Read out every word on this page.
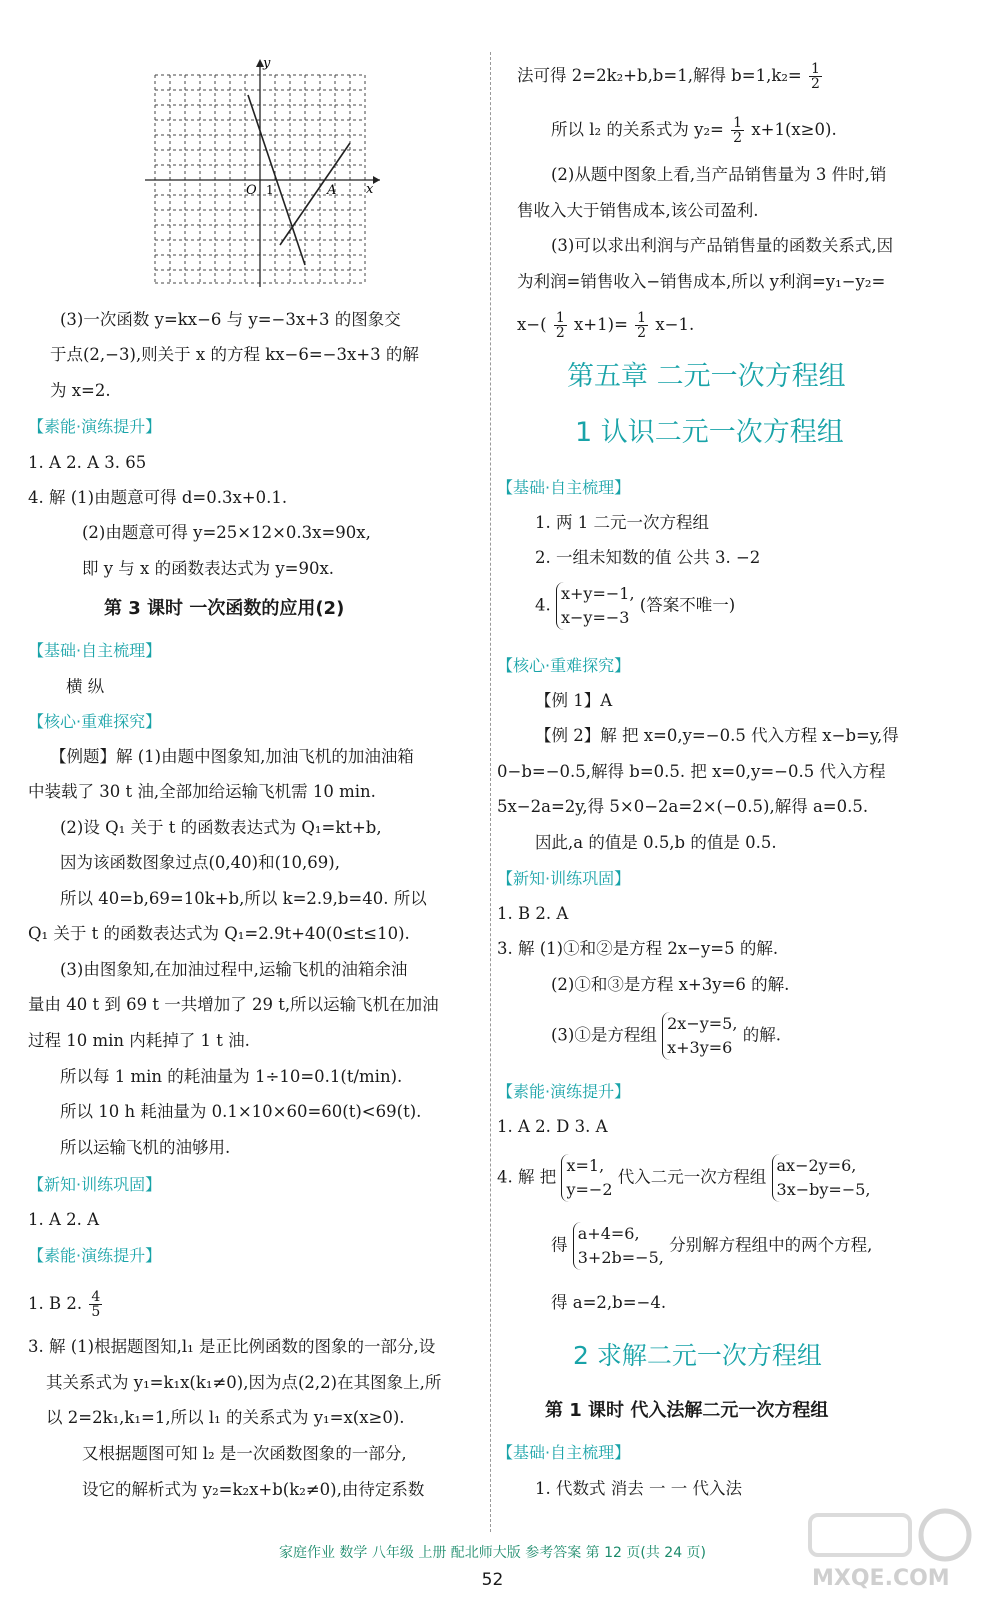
y
x
O 1	A
(3)一次函数 y=kx−6 与 y=−3x+3 的图象交
于点(2,−3),则关于 x 的方程 kx−6=−3x+3 的解
为 x=2.
【素能·演练提升】
1. A 2. A 3. 65
4. 解 (1)由题意可得 d=0.3x+0.1.
(2)由题意可得 y=25×12×0.3x=90x,
即 y 与 x 的函数表达式为 y=90x.
第 3 课时 一次函数的应用(2)
【基础·自主梳理】
横 纵
【核心·重难探究】
【例题】解 (1)由题中图象知,加油飞机的加油油箱
中装载了 30 t 油,全部加给运输飞机需 10 min.
(2)设 Q₁ 关于 t 的函数表达式为 Q₁=kt+b,
因为该函数图象过点(0,40)和(10,69),
所以 40=b,69=10k+b,所以 k=2.9,b=40. 所以
Q₁ 关于 t 的函数表达式为 Q₁=2.9t+40(0≤t≤10).
(3)由图象知,在加油过程中,运输飞机的油箱余油
量由 40 t 到 69 t 一共增加了 29 t,所以运输飞机在加油
过程 10 min 内耗掉了 1 t 油.
所以每 1 min 的耗油量为 1÷10=0.1(t/min).
所以 10 h 耗油量为 0.1×10×60=60(t)<69(t).
所以运输飞机的油够用.
【新知·训练巩固】
1. A 2. A
【素能·演练提升】
1. B 2. $\frac{4}{5}$
3. 解 (1)根据题图知,l₁ 是正比例函数的图象的一部分,设
其关系式为 y₁=k₁x(k₁≠0),因为点(2,2)在其图象上,所
以 2=2k₁,k₁=1,所以 l₁ 的关系式为 y₁=x(x≥0).
又根据题图可知 l₂ 是一次函数图象的一部分,
设它的解析式为 y₂=k₂x+b(k₂≠0),由待定系数
法可得 2=2k₂+b,b=1,解得 $b=1,k_2= \frac{1}{2}$
所以 l₂ 的关系式为 $y_2= \frac{1}{2} x+1(x\ge 0)$.
(2)从题中图象上看,当产品销售量为 3 件时,销
售收入大于销售成本,该公司盈利.
(3)可以求出利润与产品销售量的函数关系式,因
为利润=销售收入−销售成本,所以 y利润=y₁−y₂=
$x-( \frac{1}{2} x+1)= \frac{1}{2} x-1$.
第五章 二元一次方程组
1 认识二元一次方程组
【基础·自主梳理】
1. 两 1 二元一次方程组
2. 一组未知数的值 公共 3. −2
4.
x+y=−1,
x−y=−3
(答案不唯一)
【核心·重难探究】
【例 1】A
【例 2】解 把 x=0,y=−0.5 代入方程 x−b=y,得
0−b=−0.5,解得 b=0.5. 把 x=0,y=−0.5 代入方程
5x−2a=2y,得 5×0−2a=2×(−0.5),解得 a=0.5.
因此,a 的值是 0.5,b 的值是 0.5.
【新知·训练巩固】
1. B 2. A
3. 解 (1)①和②是方程 2x−y=5 的解.
(2)①和③是方程 x+3y=6 的解.
(3)①是方程组
2x−y=5,
x+3y=6
的解.
【素能·演练提升】
1. A 2. D 3. A
4. 解 把
x=1,
y=−2
代入二元一次方程组
ax−2y=6,
3x−by=−5,
得
a+4=6,
3+2b=−5,
分别解方程组中的两个方程,
得 a=2,b=−4.
2 求解二元一次方程组
第 1 课时 代入法解二元一次方程组
【基础·自主梳理】
1. 代数式 消去 一 一 代入法
家庭作业 数学 八年级 上册 配北师大版 参考答案 第 12 页(共 24 页)
52	MXQE.COM
